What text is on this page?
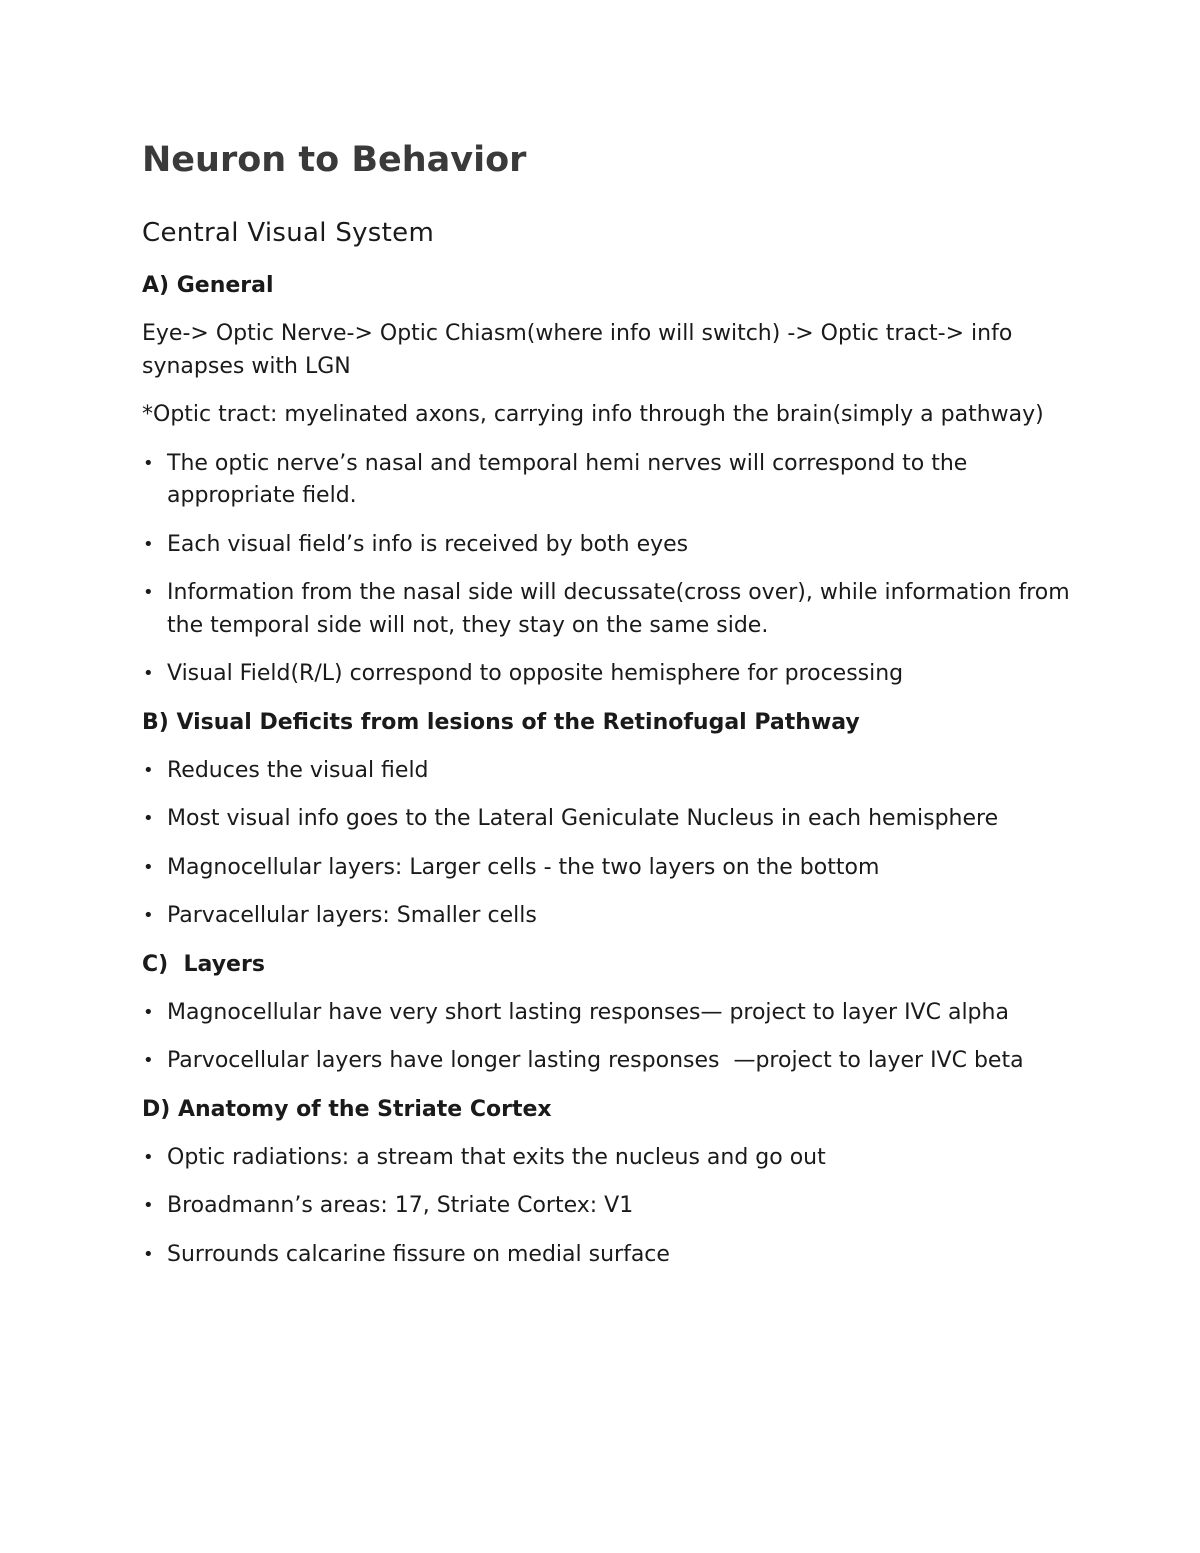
Neuron to Behavior
Central Visual System
A) General

Eye-> Optic Nerve-> Optic Chiasm(where info will switch) -> Optic tract-> info synapses with LGN

*Optic tract: myelinated axons, carrying info through the brain(simply a pathway)

• The optic nerve’s nasal and temporal hemi nerves will correspond to the appropriate field.
• Each visual field’s info is received by both eyes
• Information from the nasal side will decussate(cross over), while information from the temporal side will not, they stay on the same side.
• Visual Field(R/L) correspond to opposite hemisphere for processing
B) Visual Deficits from lesions of the Retinofugal Pathway
• Reduces the visual field
• Most visual info goes to the Lateral Geniculate Nucleus in each hemisphere
• Magnocellular layers: Larger cells - the two layers on the bottom
• Parvacellular layers: Smaller cells
C)  Layers
• Magnocellular have very short lasting responses— project to layer IVC alpha
• Parvocellular layers have longer lasting responses  —project to layer IVC beta
D) Anatomy of the Striate Cortex
• Optic radiations: a stream that exits the nucleus and go out
• Broadmann’s areas: 17, Striate Cortex: V1
• Surrounds calcarine fissure on medial surface
